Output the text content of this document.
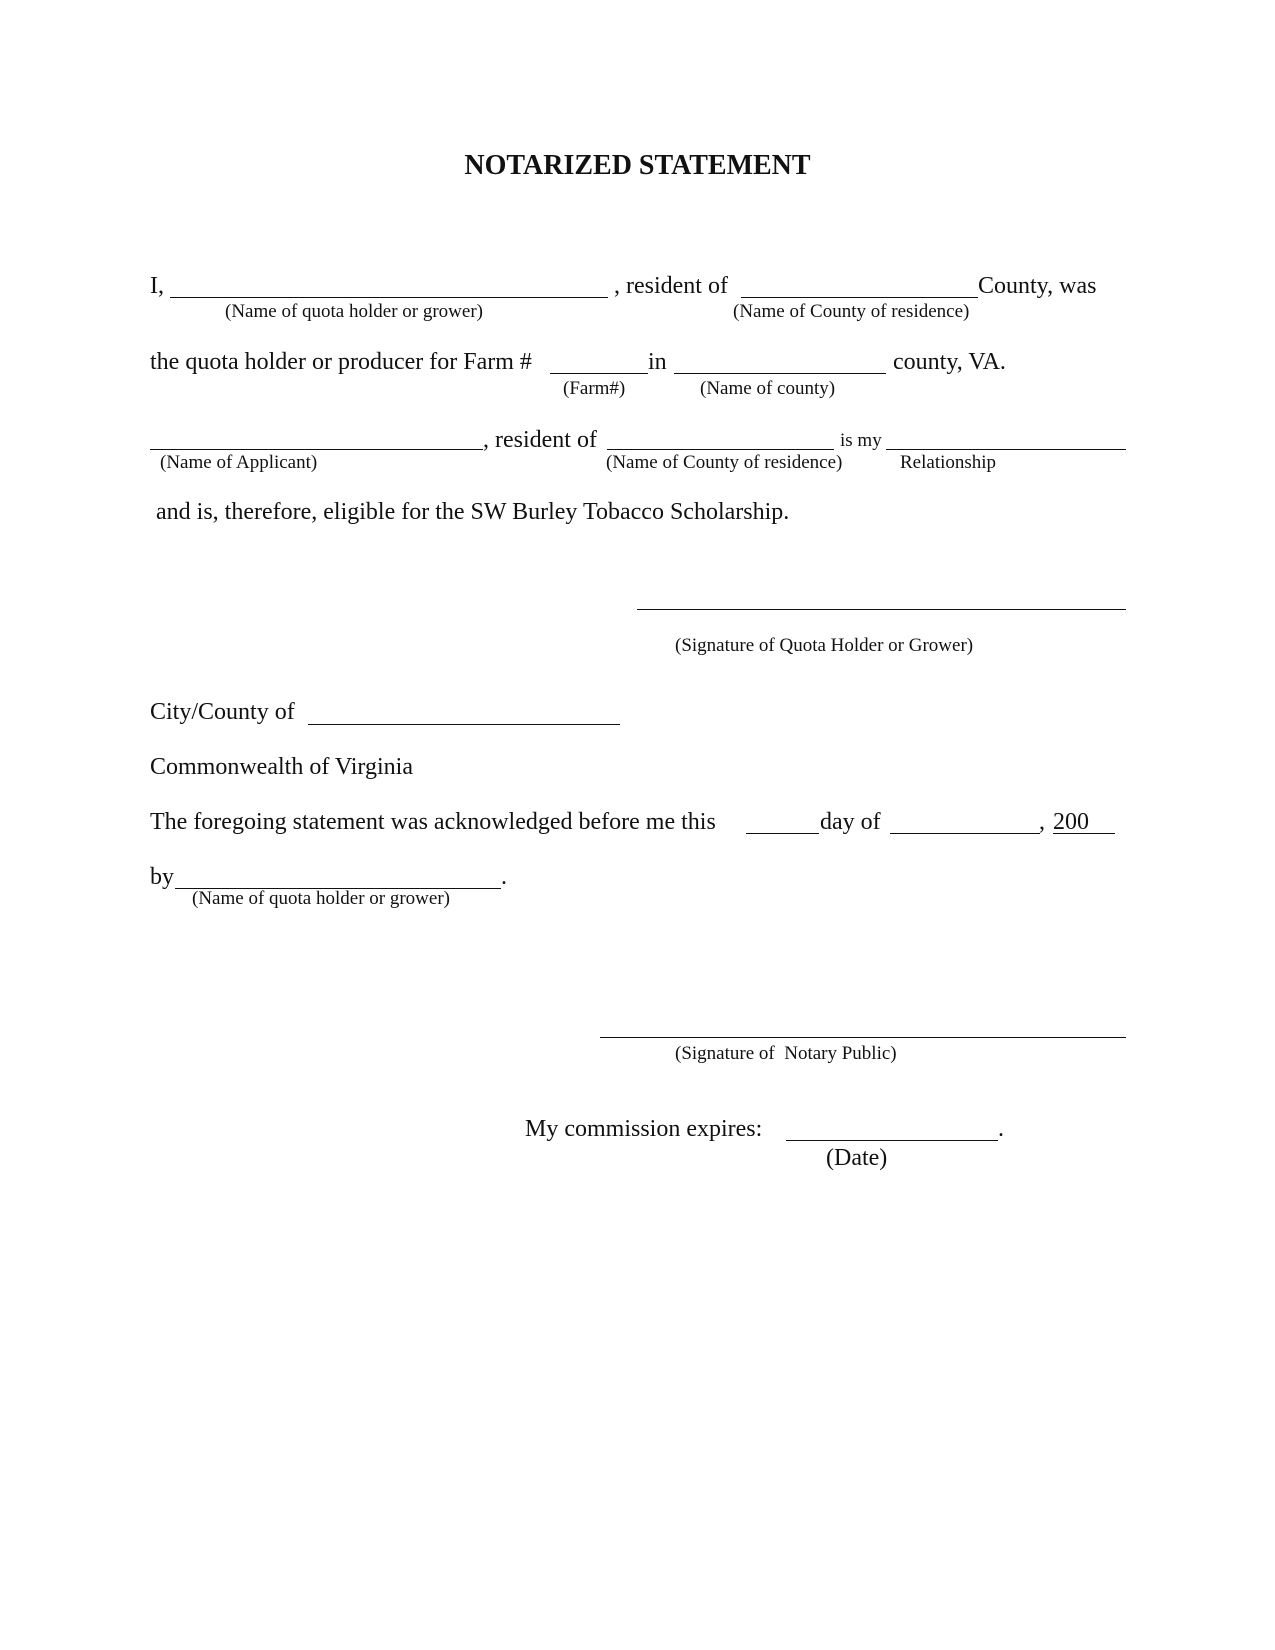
NOTARIZED STATEMENT
I,	, resident of	County, was
(Name of quota holder or grower)	(Name of County of residence)
the quota holder or producer for Farm #	in	county, VA.
(Farm#)	(Name of county)
, resident of	is my
(Name of Applicant)	(Name of County of residence)	Relationship
and is, therefore, eligible for the SW Burley Tobacco Scholarship.
(Signature of Quota Holder or Grower)
City/County of
Commonwealth of Virginia
The foregoing statement was acknowledged before me this	day of	, 200
by	.
(Name of quota holder or grower)
(Signature of  Notary Public)
My commission expires:	.
(Date)
